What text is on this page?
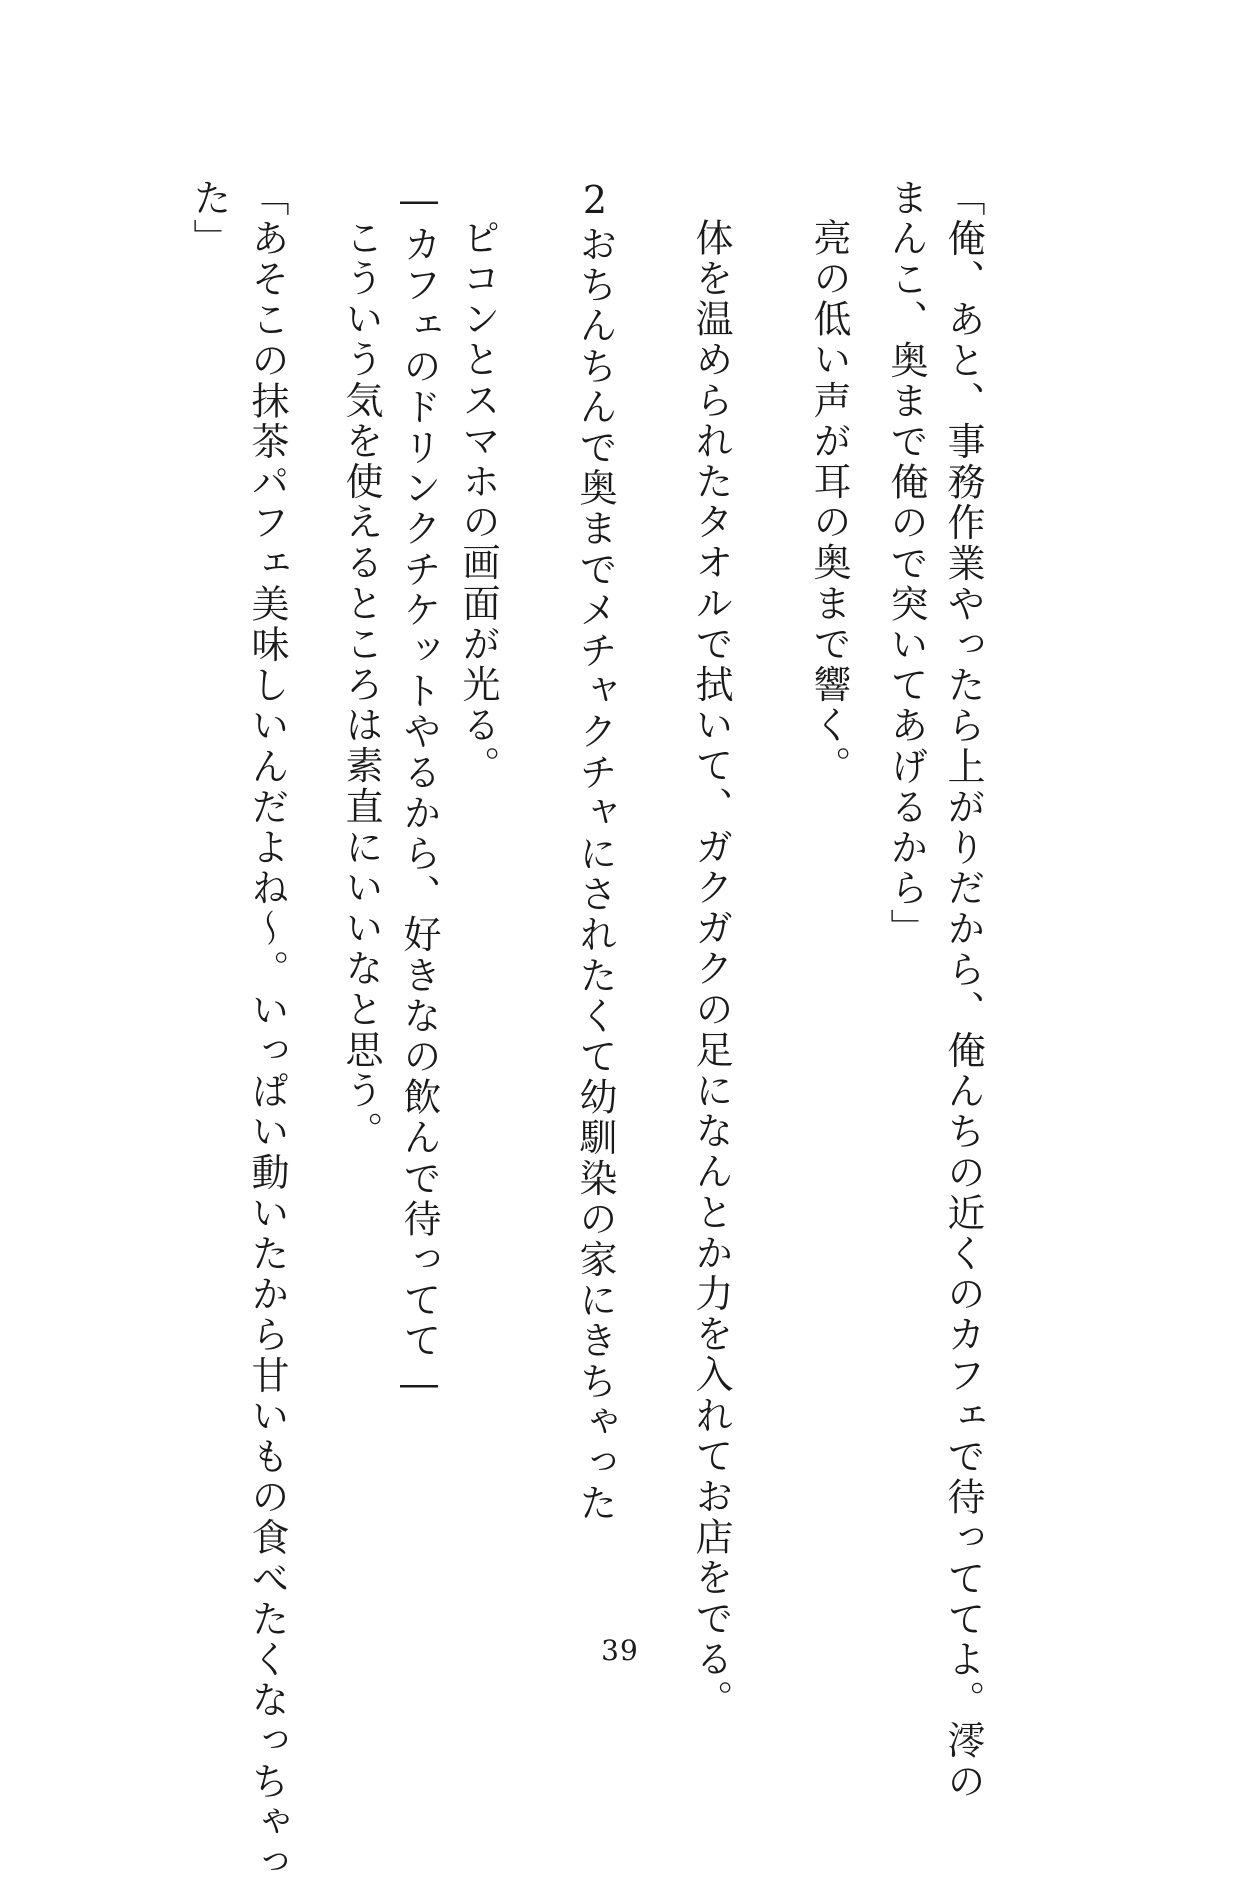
「俺、あと、事務作業やったら上がりだから、俺んちの近くのカフェで待っててよ。澪の
まんこ、奥まで俺ので突いてあげるから」
亮の低い声が耳の奥まで響く。
体を温められたタオルで拭いて、ガクガクの足になんとか力を入れてお店をでる。
2おちんちんで奥までメチャクチャにされたくて幼馴染の家にきちゃった
ピコンとスマホの画面が光る。
―カフェのドリンクチケットやるから、好きなの飲んで待ってて―
こういう気を使えるところは素直にいいなと思う。
「あそこの抹茶パフェ美味しいんだよね～。いっぱい動いたから甘いもの食べたくなっちゃっ
た」
39
